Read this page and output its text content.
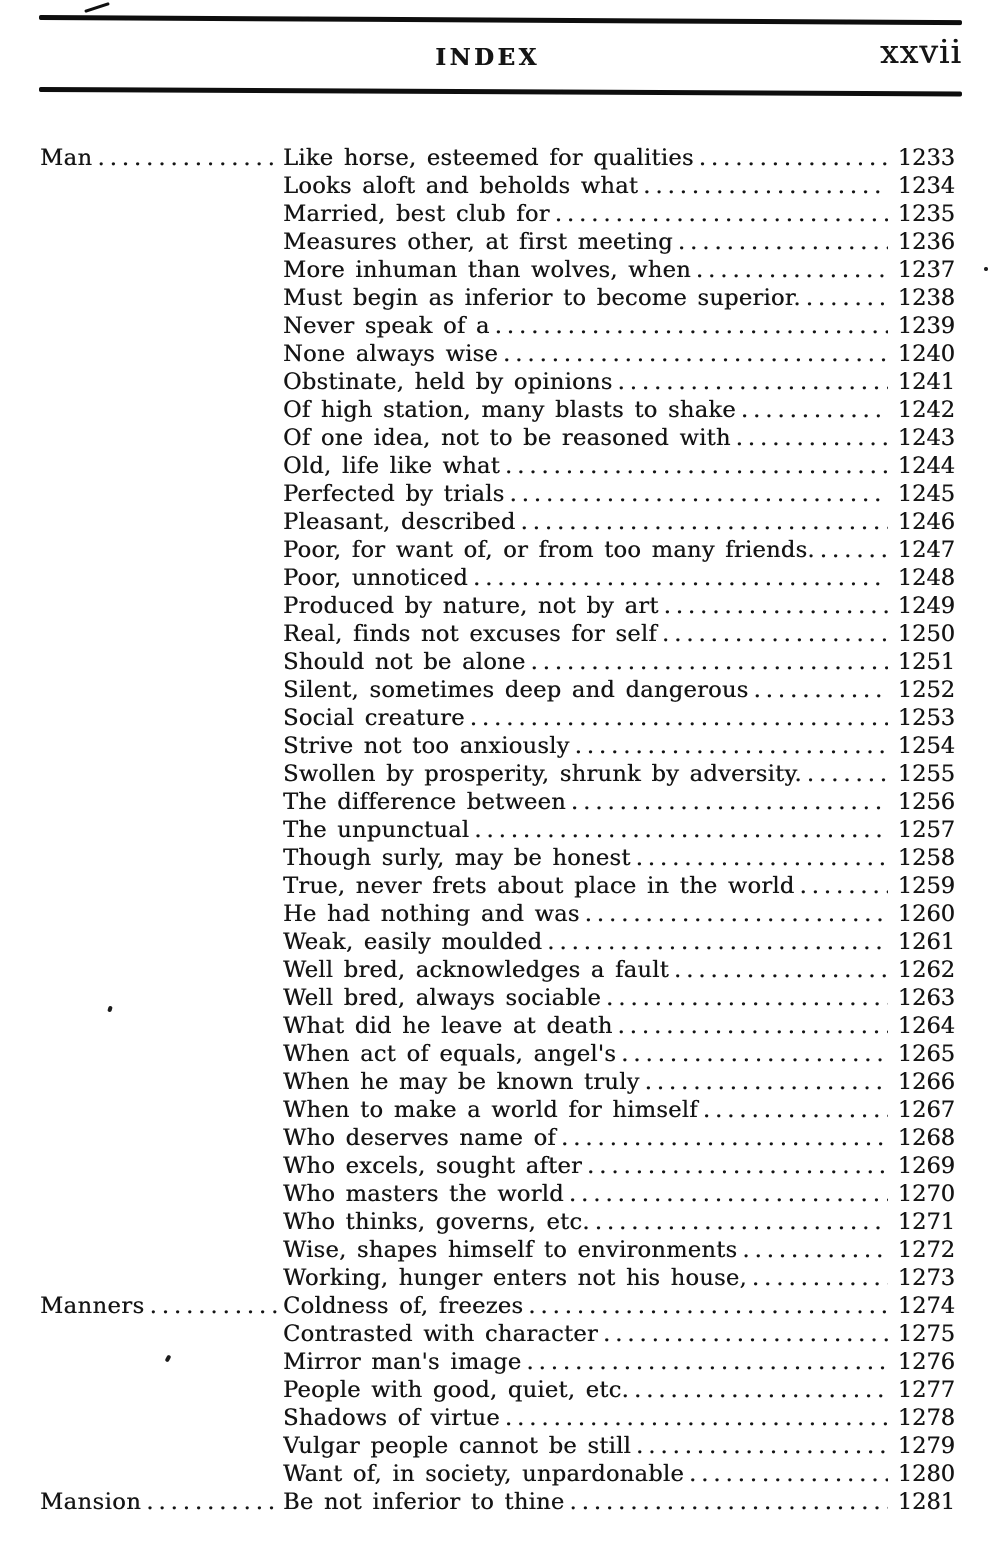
INDEX	xxvii
Man .....	Like horse, esteemed for qualities .....	1233
Looks aloft and beholds what .....	1234
Married, best club for .....	1235
Measures other, at first meeting .....	1236
More inhuman than wolves, when .....	1237
Must begin as inferior to become superior. .....	1238
Never speak of a .....	1239
None always wise .....	1240
Obstinate, held by opinions .....	1241
Of high station, many blasts to shake .....	1242
Of one idea, not to be reasoned with .....	1243
Old, life like what .....	1244
Perfected by trials .....	1245
Pleasant, described .....	1246
Poor, for want of, or from too many friends. .....	1247
Poor, unnoticed .....	1248
Produced by nature, not by art .....	1249
Real, finds not excuses for self .....	1250
Should not be alone .....	1251
Silent, sometimes deep and dangerous .....	1252
Social creature .....	1253
Strive not too anxiously .....	1254
Swollen by prosperity, shrunk by adversity. .....	1255
The difference between .....	1256
The unpunctual .....	1257
Though surly, may be honest .....	1258
True, never frets about place in the world .....	1259
He had nothing and was .....	1260
Weak, easily moulded .....	1261
Well bred, acknowledges a fault .....	1262
Well bred, always sociable .....	1263
What did he leave at death .....	1264
When act of equals, angel's .....	1265
When he may be known truly .....	1266
When to make a world for himself .....	1267
Who deserves name of .....	1268
Who excels, sought after .....	1269
Who masters the world .....	1270
Who thinks, governs, etc. .....	1271
Wise, shapes himself to environments .....	1272
Working, hunger enters not his house, .....	1273
Manners .....	Coldness of, freezes .....	1274
Contrasted with character .....	1275
Mirror man's image .....	1276
People with good, quiet, etc. .....	1277
Shadows of virtue .....	1278
Vulgar people cannot be still .....	1279
Want of, in society, unpardonable .....	1280
Mansion .....	Be not inferior to thine .....	1281
